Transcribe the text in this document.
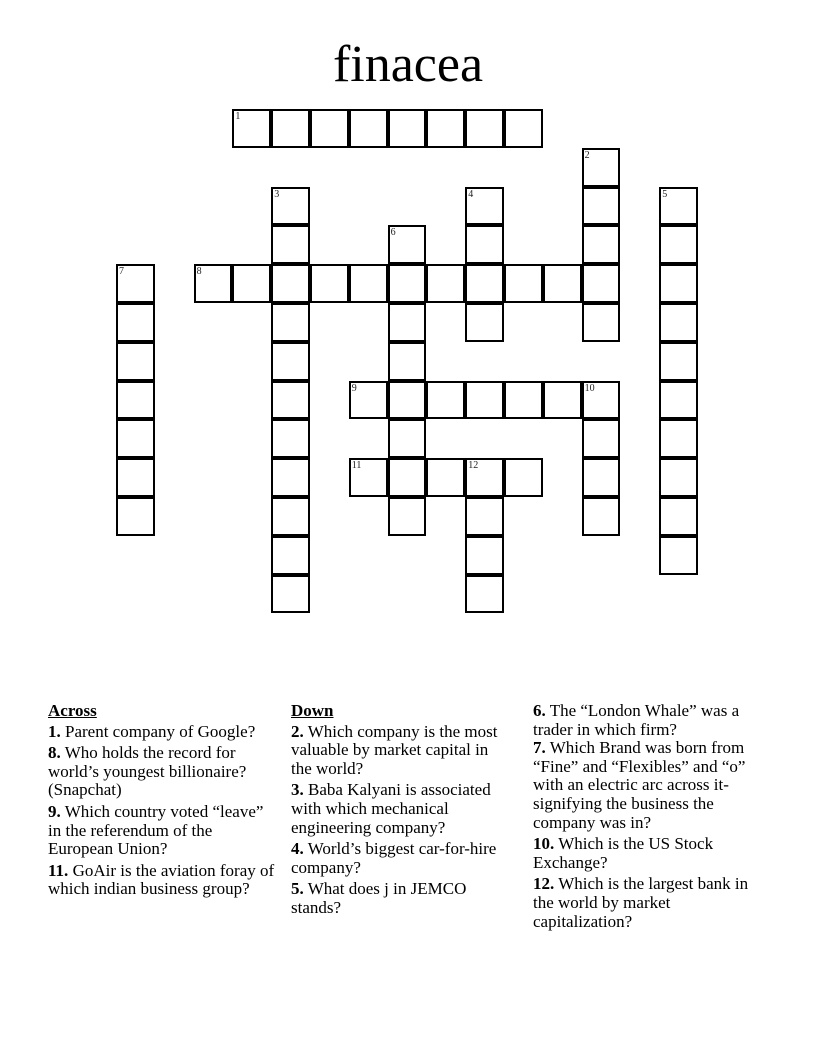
finacea
1
2
3	4	5
6
7	8
9	10
11	12
Across
1. Parent company of Google?
8. Who holds the record for world’s youngest billionaire? (Snapchat)
9. Which country voted “leave” in the referendum of the European Union?
11. GoAir is the aviation foray of which indian business group?
Down
2. Which company is the most valuable by market capital in the world?
3. Baba Kalyani is associated with which mechanical engineering company?
4. World’s biggest car-for-hire company?
5. What does j in JEMCO stands?
6. The “London Whale” was a trader in which firm?
7. Which Brand was born from “Fine” and “Flexibles” and “o” with an electric arc across it- signifying the business the company was in?
10. Which is the US Stock Exchange?
12. Which is the largest bank in the world by market capitalization?
